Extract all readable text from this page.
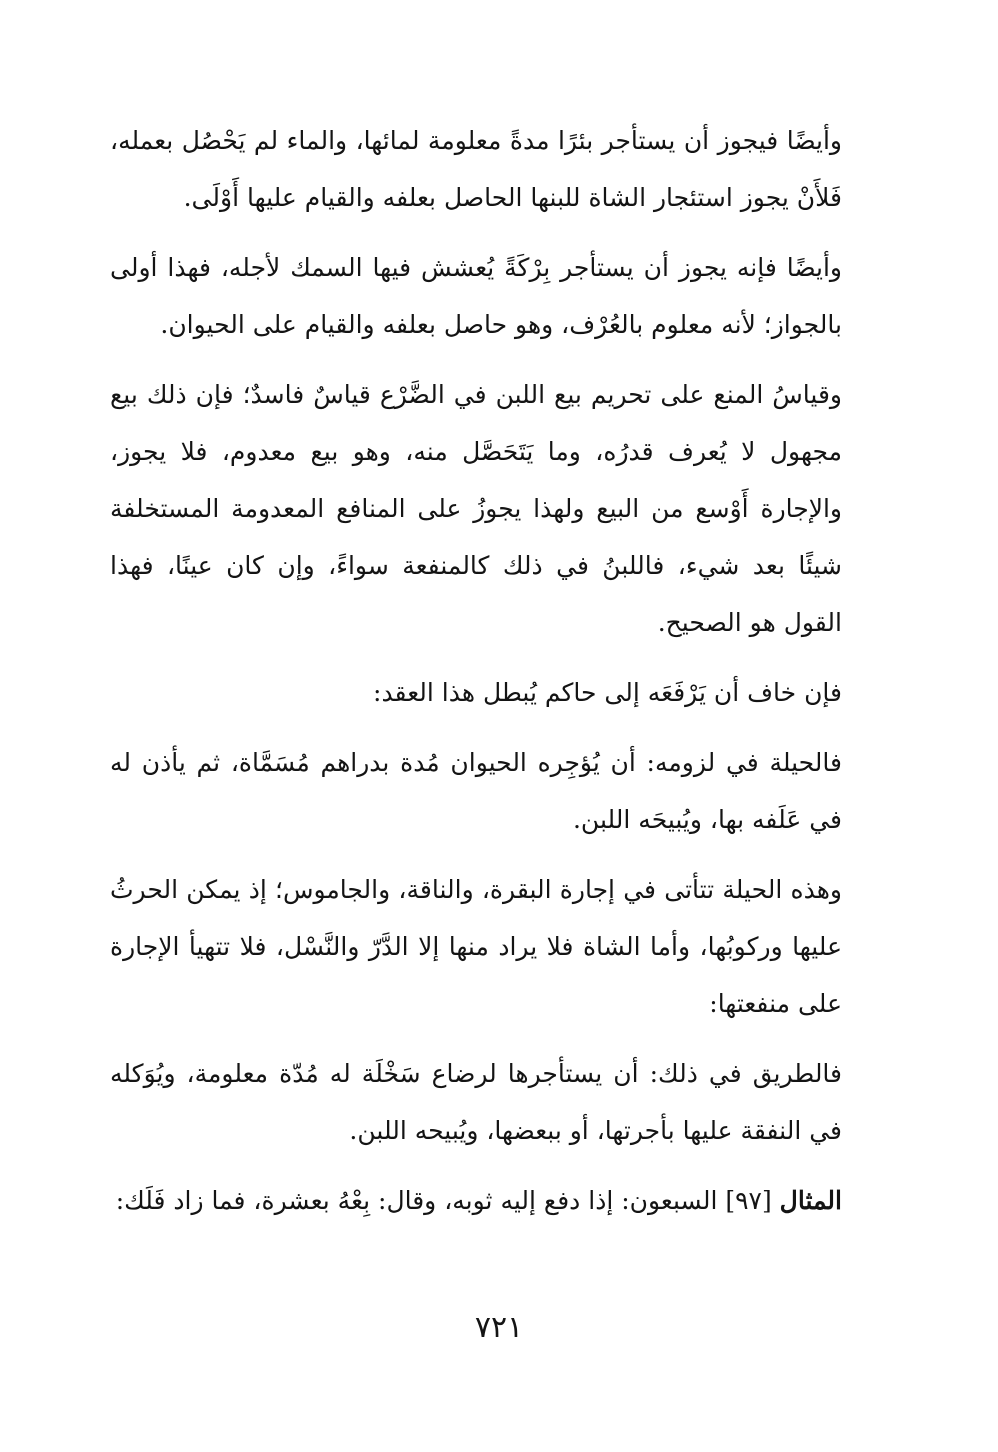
وأيضًا فيجوز أن يستأجر بئرًا مدةً معلومة لمائها، والماء لم يَحْصُل بعمله، فَلأَنْ يجوز استئجار الشاة للبنها الحاصل بعلفه والقيام عليها أَوْلَى.

وأيضًا فإنه يجوز أن يستأجر بِرْكَةً يُعشش فيها السمك لأجله، فهذا أولى بالجواز؛ لأنه معلوم بالعُرْف، وهو حاصل بعلفه والقيام على الحيوان.

وقياسُ المنع على تحريم بيع اللبن في الضَّرْع قياسٌ فاسدٌ؛ فإن ذلك بيع مجهول لا يُعرف قدرُه، وما يَتَحَصَّل منه، وهو بيع معدوم، فلا يجوز، والإجارة أَوْسع من البيع ولهذا يجوزُ على المنافع المعدومة المستخلفة شيئًا بعد شيء، فاللبنُ في ذلك كالمنفعة سواءً، وإن كان عينًا، فهذا القول هو الصحيح.

فإن خاف أن يَرْفَعَه إلى حاكم يُبطل هذا العقد:

فالحيلة في لزومه: أن يُؤجِره الحيوان مُدة بدراهم مُسَمَّاة، ثم يأذن له في عَلَفه بها، ويُبيحَه اللبن.

وهذه الحيلة تتأتى في إجارة البقرة، والناقة، والجاموس؛ إذ يمكن الحرثُ عليها وركوبُها، وأما الشاة فلا يراد منها إلا الدَّرّ والنَّسْل، فلا تتهيأ الإجارة على منفعتها:

فالطريق في ذلك: أن يستأجرها لرضاع سَخْلَة له مُدّة معلومة، ويُوَكله في النفقة عليها بأجرتها، أو ببعضها، ويُبيحه اللبن.

المثال [٩٧] السبعون: إذا دفع إليه ثوبه، وقال: بِعْهُ بعشرة، فما زاد فَلَك:

٧٢١
